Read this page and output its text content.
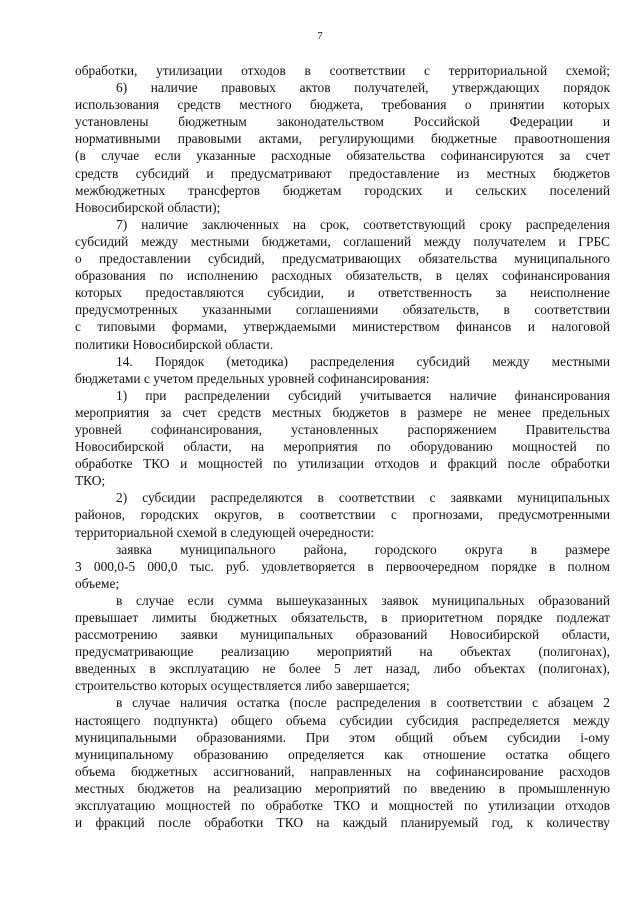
7
обработки, утилизации отходов в соответствии с территориальной схемой;
6) наличие правовых актов получателей, утверждающих порядок
использования средств местного бюджета, требования о принятии которых
установлены бюджетным законодательством Российской Федерации и
нормативными правовыми актами, регулирующими бюджетные правоотношения
(в случае если указанные расходные обязательства софинансируются за счет
средств субсидий и предусматривают предоставление из местных бюджетов
межбюджетных трансфертов бюджетам городских и сельских поселений
Новосибирской области);
7) наличие заключенных на срок, соответствующий сроку распределения
субсидий между местными бюджетами, соглашений между получателем и ГРБС
о предоставлении субсидий, предусматривающих обязательства муниципального
образования по исполнению расходных обязательств, в целях софинансирования
которых предоставляются субсидии, и ответственность за неисполнение
предусмотренных указанными соглашениями обязательств, в соответствии
с типовыми формами, утверждаемыми министерством финансов и налоговой
политики Новосибирской области.
14. Порядок (методика) распределения субсидий между местными
бюджетами с учетом предельных уровней софинансирования:
1) при распределении субсидий учитывается наличие финансирования
мероприятия за счет средств местных бюджетов в размере не менее предельных
уровней софинансирования, установленных распоряжением Правительства
Новосибирской области, на мероприятия по оборудованию мощностей по
обработке ТКО и мощностей по утилизации отходов и фракций после обработки
ТКО;
2) субсидии распределяются в соответствии с заявками муниципальных
районов, городских округов, в соответствии с прогнозами, предусмотренными
территориальной схемой в следующей очередности:
заявка муниципального района, городского округа в размере
3 000,0-5 000,0 тыс. руб. удовлетворяется в первоочередном порядке в полном
объеме;
в случае если сумма вышеуказанных заявок муниципальных образований
превышает лимиты бюджетных обязательств, в приоритетном порядке подлежат
рассмотрению заявки муниципальных образований Новосибирской области,
предусматривающие реализацию мероприятий на объектах (полигонах),
введенных в эксплуатацию не более 5 лет назад, либо объектах (полигонах),
строительство которых осуществляется либо завершается;
в случае наличия остатка (после распределения в соответствии с абзацем 2
настоящего подпункта) общего объема субсидии субсидия распределяется между
муниципальными образованиями. При этом общий объем субсидии i-ому
муниципальному образованию определяется как отношение остатка общего
объема бюджетных ассигнований, направленных на софинансирование расходов
местных бюджетов на реализацию мероприятий по введению в промышленную
эксплуатацию мощностей по обработке ТКО и мощностей по утилизации отходов
и фракций после обработки ТКО на каждый планируемый год, к количеству
